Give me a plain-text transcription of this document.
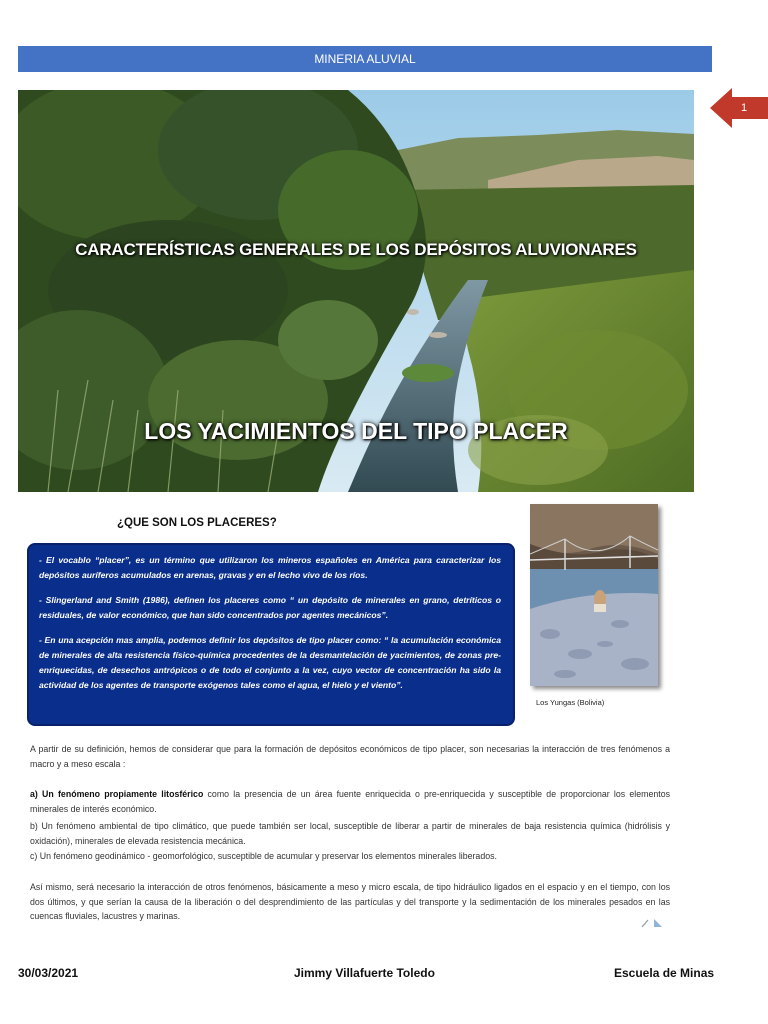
MINERIA ALUVIAL
1
CARACTERÍSTICAS GENERALES DE LOS DEPÓSITOS ALUVIONARES
LOS YACIMIENTOS DEL TIPO PLACER
¿QUE SON LOS PLACERES?

- El vocablo “placer”, es un término que utilizaron los mineros españoles en América para caracterizar los depósitos auríferos acumulados en arenas, gravas y en el lecho vivo de los ríos.

- Slingerland and Smith (1986), definen los placeres como “ un depósito de minerales en grano, detríticos o residuales, de valor económico, que han sido concentrados por agentes mecánicos”.

- En una acepción mas amplia, podemos definir los depósitos de tipo placer como: “ la acumulación económica de minerales de alta resistencia físico-química procedentes de la desmantelación de yacimientos, de zonas pre-enriquecidas, de desechos antrópicos o de todo el conjunto a la vez, cuyo vector de concentración ha sido la actividad de los agentes de transporte exógenos tales como el agua, el hielo y el viento”.

Los Yungas (Bolivia)
A partir de su definición, hemos de considerar que para la formación de depósitos económicos de tipo placer, son necesarias la interacción de tres fenómenos a macro y a meso escala :
a) Un fenómeno propiamente litosférico como la presencia de un área fuente enriquecida o pre-enriquecida y susceptible de proporcionar los elementos minerales de interés económico.
b) Un fenómeno ambiental de tipo climático, que puede también ser local, susceptible de liberar a partir de minerales de baja resistencia química (hidrólisis y oxidación), minerales de elevada resistencia mecánica.
c) Un fenómeno geodinámico - geomorfológico, susceptible de acumular y preservar los elementos minerales liberados.
Así mismo, será necesario la interacción de otros fenómenos, básicamente a meso y micro escala, de tipo hidráulico ligados en el espacio y en el tiempo, con los dos últimos, y que serían la causa de la liberación o del desprendimiento de las partículas y del transporte y la sedimentación de los minerales pesados en las cuencas fluviales, lacustres y marinas.
30/03/2021	Jimmy Villafuerte Toledo	Escuela de Minas
